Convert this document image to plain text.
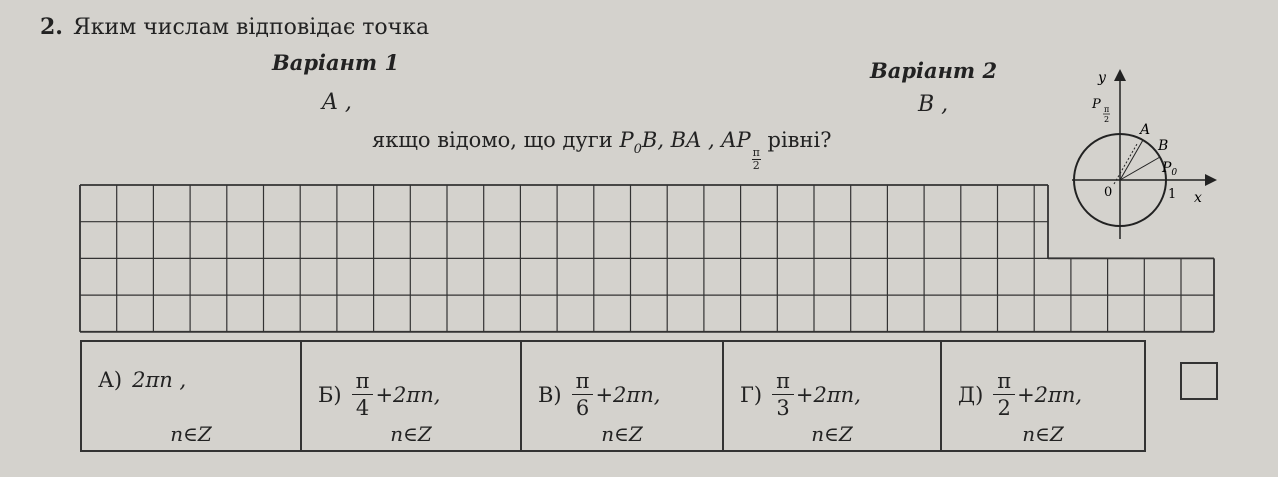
2. Яким числам відповідає точка
Варіант 1	Варіант 2
A ,	B ,
якщо відомо, що дуги $P_0B$, BA , AP
$\frac{\pi}{2}$
рівні?
y
x
0	1
A
B
$P_0$
P π
2
А) 2πn ,
n∈Z

$Б) \frac{\pi}{4} +2\pi n$,
n∈Z

$В) \frac{\pi}{6} +2\pi n$,
n∈Z

$Г) \frac{\pi}{3} +2\pi n$,
n∈Z

$Д) \frac{\pi}{2} +2\pi n$,
n∈Z
